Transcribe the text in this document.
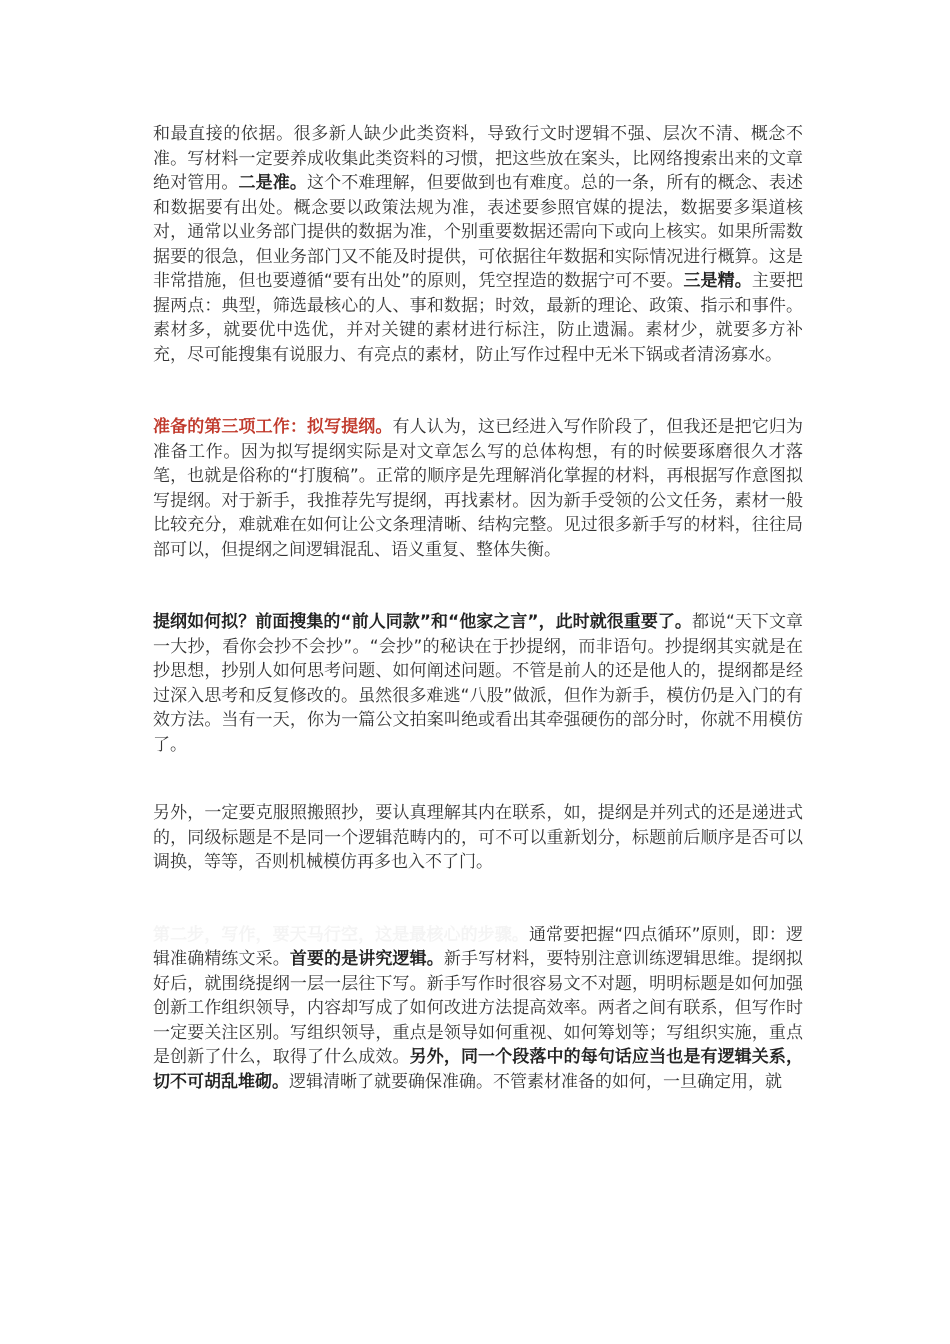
和最直接的依据。很多新人缺少此类资料，导致行文时逻辑不强、层次不清、概念不准。写材料一定要养成收集此类资料的习惯，把这些放在案头，比网络搜索出来的文章绝对管用。二是准。这个不难理解，但要做到也有难度。总的一条，所有的概念、表述和数据要有出处。概念要以政策法规为准，表述要参照官媒的提法，数据要多渠道核对，通常以业务部门提供的数据为准，个别重要数据还需向下或向上核实。如果所需数据要的很急，但业务部门又不能及时提供，可依据往年数据和实际情况进行概算。这是非常措施，但也要遵循“要有出处”的原则，凭空捏造的数据宁可不要。三是精。主要把握两点：典型，筛选最核心的人、事和数据；时效，最新的理论、政策、指示和事件。素材多，就要优中选优，并对关键的素材进行标注，防止遗漏。素材少，就要多方补充，尽可能搜集有说服力、有亮点的素材，防止写作过程中无米下锅或者清汤寡水。

准备的第三项工作：拟写提纲。有人认为，这已经进入写作阶段了，但我还是把它归为准备工作。因为拟写提纲实际是对文章怎么写的总体构想，有的时候要琢磨很久才落笔，也就是俗称的“打腹稿”。正常的顺序是先理解消化掌握的材料，再根据写作意图拟写提纲。对于新手，我推荐先写提纲，再找素材。因为新手受领的公文任务，素材一般比较充分，难就难在如何让公文条理清晰、结构完整。见过很多新手写的材料，往往局部可以，但提纲之间逻辑混乱、语义重复、整体失衡。

提纲如何拟？前面搜集的“前人同款”和“他家之言”，此时就很重要了。都说“天下文章一大抄，看你会抄不会抄”。“会抄”的秘诀在于抄提纲，而非语句。抄提纲其实就是在抄思想，抄别人如何思考问题、如何阐述问题。不管是前人的还是他人的，提纲都是经过深入思考和反复修改的。虽然很多难逃“八股”做派，但作为新手，模仿仍是入门的有效方法。当有一天，你为一篇公文拍案叫绝或看出其牵强硬伤的部分时，你就不用模仿了。

另外，一定要克服照搬照抄，要认真理解其内在联系，如，提纲是并列式的还是递进式的，同级标题是不是同一个逻辑范畴内的，可不可以重新划分，标题前后顺序是否可以调换，等等，否则机械模仿再多也入不了门。

第二步，写作，要天马行空，这是最核心的步骤。通常要把握“四点循环”原则，即：逻辑准确精练文采。首要的是讲究逻辑。新手写材料，要特别注意训练逻辑思维。提纲拟好后，就围绕提纲一层一层往下写。新手写作时很容易文不对题，明明标题是如何加强创新工作组织领导，内容却写成了如何改进方法提高效率。两者之间有联系，但写作时一定要关注区别。写组织领导，重点是领导如何重视、如何筹划等；写组织实施，重点是创新了什么，取得了什么成效。另外，同一个段落中的每句话应当也是有逻辑关系，切不可胡乱堆砌。逻辑清晰了就要确保准确。不管素材准备的如何，一旦确定用，就
